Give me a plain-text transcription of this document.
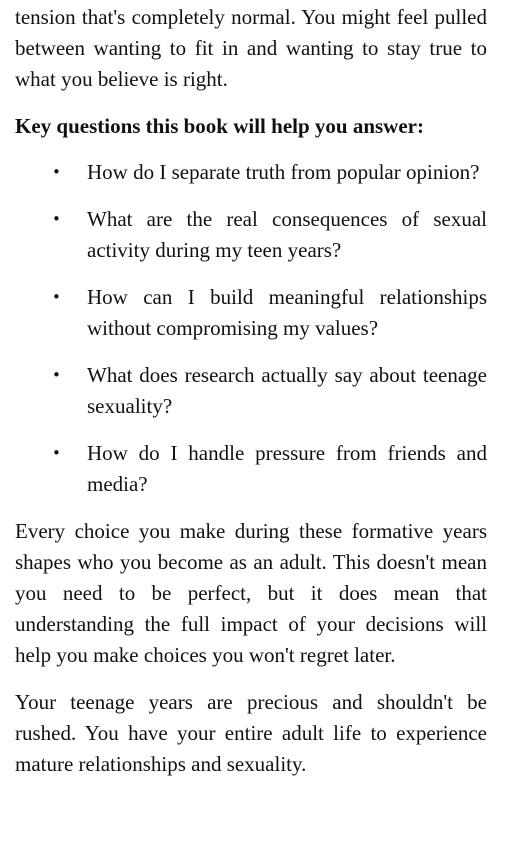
tension that's completely normal. You might feel pulled between wanting to fit in and wanting to stay true to what you believe is right.

Key questions this book will help you answer:

• How do I separate truth from popular opinion?
• What are the real consequences of sexual activity during my teen years?
• How can I build meaningful relationships without compromising my values?
• What does research actually say about teenage sexuality?
• How do I handle pressure from friends and media?

Every choice you make during these formative years shapes who you become as an adult. This doesn't mean you need to be perfect, but it does mean that understanding the full impact of your decisions will help you make choices you won't regret later.

Your teenage years are precious and shouldn't be rushed. You have your entire adult life to experience mature relationships and sexuality.
